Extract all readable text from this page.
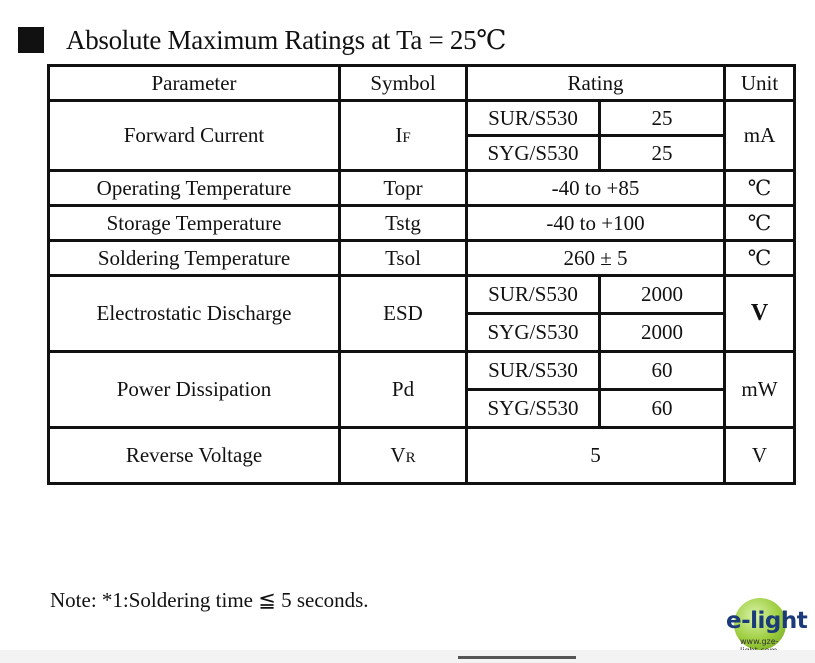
Absolute Maximum Ratings at Ta = 25℃
Parameter	Symbol	Rating		Unit
Forward Current	IF	SUR/S530	25	mA
		SYG/S530	25	
Operating Temperature	Topr	-40 to +85		℃
Storage Temperature	Tstg	-40 to +100		℃
Soldering Temperature	Tsol	260 ± 5		℃
Electrostatic Discharge	ESD	SUR/S530	2000	V
		SYG/S530	2000	
Power Dissipation	Pd	SUR/S530	60	mW
		SYG/S530	60	
Reverse Voltage	VR	5		V
Note: *1:Soldering time ≦ 5 seconds.
e-light
www.gze-
